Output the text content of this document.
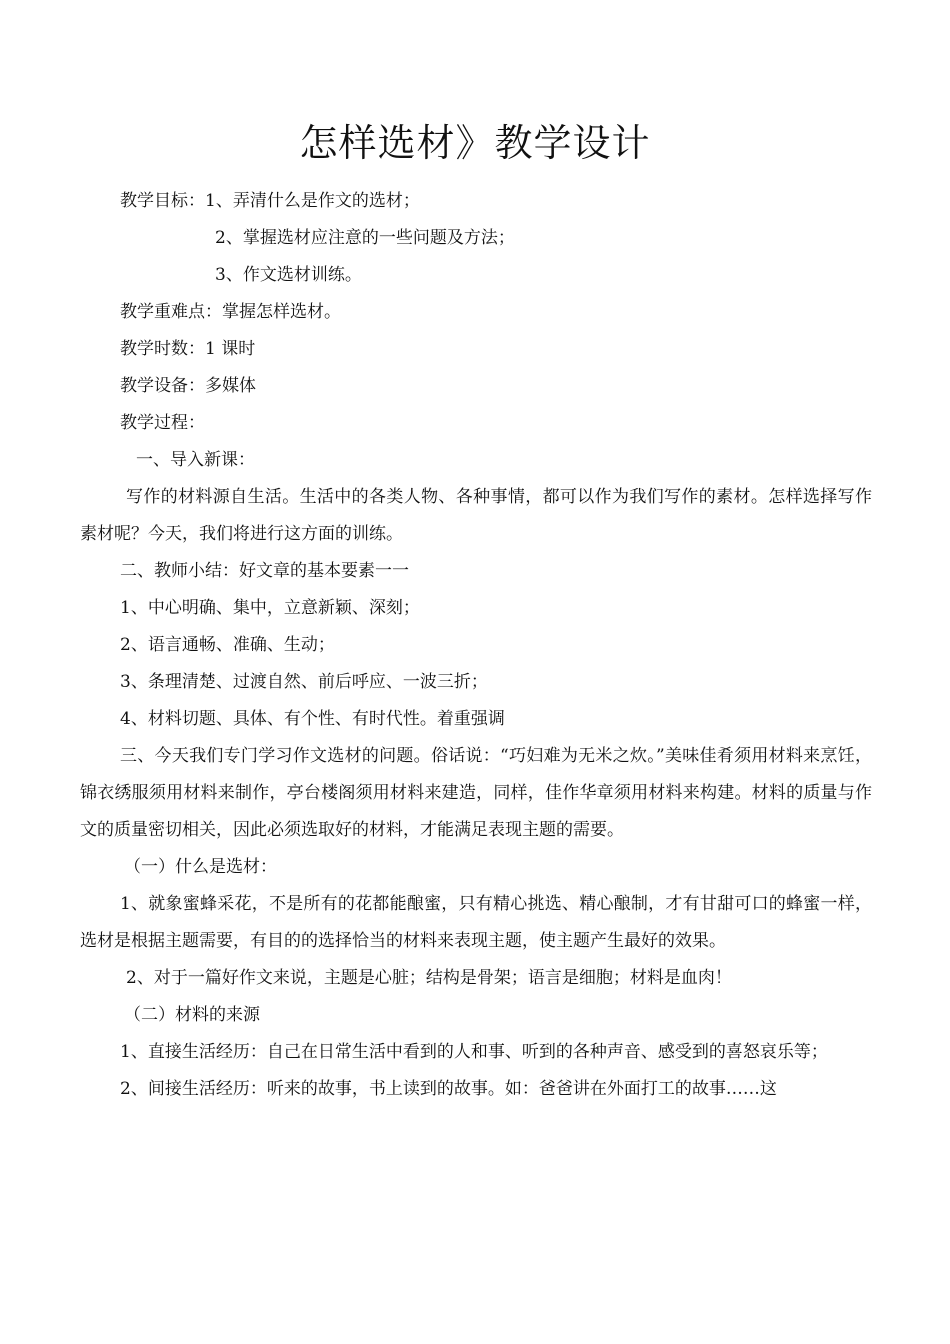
怎样选材》教学设计

教学目标：1、弄清什么是作文的选材；

2、掌握选材应注意的一些问题及方法；

3、作文选材训练。

教学重难点：掌握怎样选材。

教学时数：1 课时

教学设备：多媒体

教学过程：

一、导入新课：

写作的材料源自生活。生活中的各类人物、各种事情，都可以作为我们写作的素材。怎样选择写作素材呢？今天，我们将进行这方面的训练。

二、教师小结：好文章的基本要素一一

1、中心明确、集中，立意新颖、深刻；

2、语言通畅、准确、生动；

3、条理清楚、过渡自然、前后呼应、一波三折；

4、材料切题、具体、有个性、有时代性。着重强调

三、今天我们专门学习作文选材的问题。俗话说：“巧妇难为无米之炊。”美味佳肴须用材料来烹饪，锦衣绣服须用材料来制作，亭台楼阁须用材料来建造，同样，佳作华章须用材料来构建。材料的质量与作文的质量密切相关，因此必须选取好的材料，才能满足表现主题的需要。

（一）什么是选材：

1、就象蜜蜂采花，不是所有的花都能酿蜜，只有精心挑选、精心酿制，才有甘甜可口的蜂蜜一样，选材是根据主题需要，有目的的选择恰当的材料来表现主题，使主题产生最好的效果。

2、对于一篇好作文来说，主题是心脏；结构是骨架；语言是细胞；材料是血肉！

（二）材料的来源

1、直接生活经历：自己在日常生活中看到的人和事、听到的各种声音、感受到的喜怒哀乐等；

2、间接生活经历：听来的故事，书上读到的故事。如：爸爸讲在外面打工的故事……这
